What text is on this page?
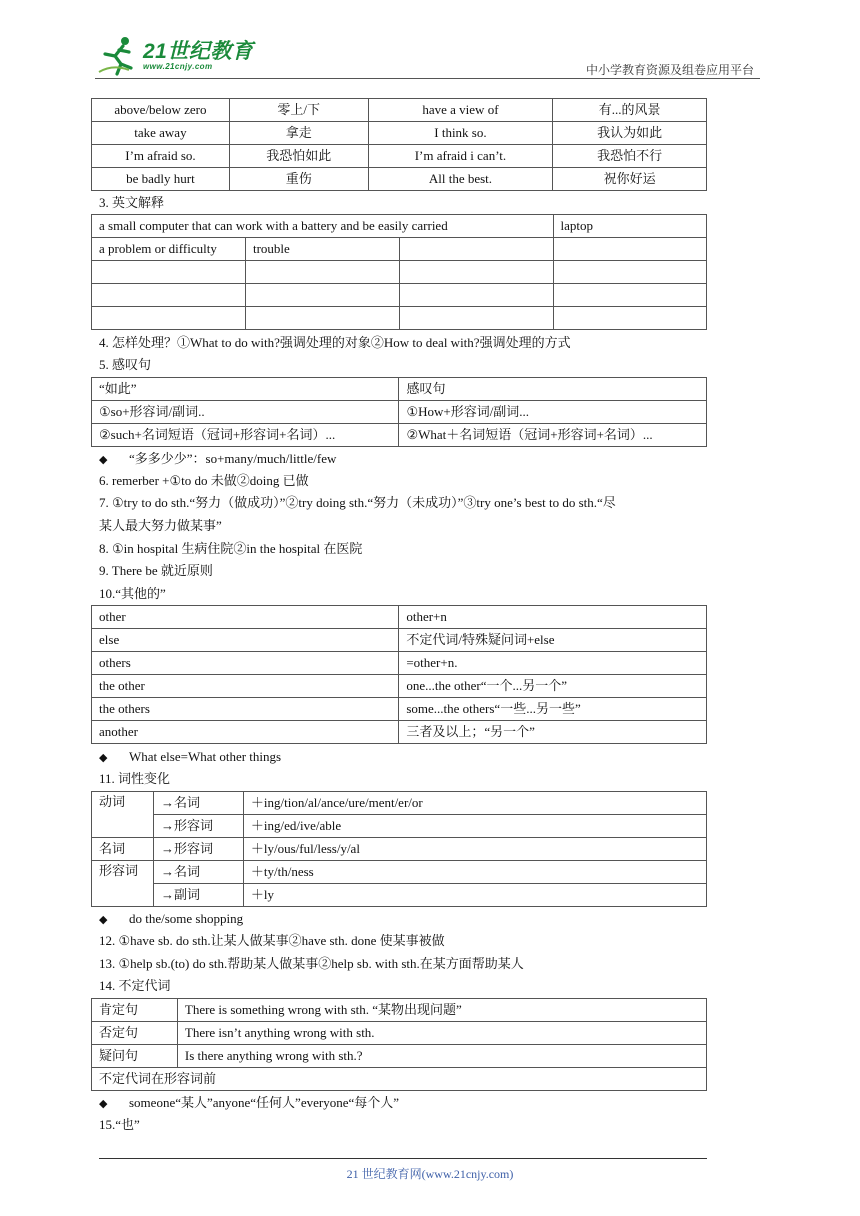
21世纪教育
www.21cnjy.com	中小学教育资源及组卷应用平台
above/below zero	零上/下	have a view of	有...的风景
take away	拿走	I think so.	我认为如此
I’m afraid so.	我恐怕如此	I’m afraid i can’t.	我恐怕不行
be badly hurt	重伤	All the best.	祝你好运
3. 英文解释
a small computer that can work with a battery and be easily carried			laptop
a problem or difficulty	trouble		

4. 怎样处理？①What to do with?强调处理的对象②How to deal with?强调处理的方式
5. 感叹句
“如此”	感叹句
①so+形容词/副词..	①How+形容词/副词...
②such+名词短语（冠词+形容词+名词）...	②What＋名词短语（冠词+形容词+名词）...
◆ “多多少少”：so+many/much/little/few
6. remerber +①to do 未做②doing 已做
7. ①try to do sth.“努力（做成功）”②try doing sth.“努力（未成功）”③try one’s best to do sth.“尽
某人最大努力做某事”
8. ①in hospital 生病住院②in the hospital 在医院
9. There be 就近原则
10.“其他的”
other	other+n
else	不定代词/特殊疑问词+else
others	=other+n.
the other	one...the other“一个...另一个”
the others	some...the others“一些...另一些”
another	三者及以上；“另一个”
◆ What else=What other things
11. 词性变化
动词	→名词	＋ing/tion/al/ance/ure/ment/er/or
	→形容词	＋ing/ed/ive/able
名词	→形容词	＋ly/ous/ful/less/y/al
形容词	→名词	＋ty/th/ness
	→副词	＋ly
◆ do the/some shopping
12. ①have sb. do sth.让某人做某事②have sth. done 使某事被做
13. ①help sb.(to) do sth.帮助某人做某事②help sb. with sth.在某方面帮助某人
14. 不定代词
肯定句	There is something wrong with sth. “某物出现问题”
否定句	There isn’t anything wrong with sth.
疑问句	Is there anything wrong with sth.?
不定代词在形容词前	
◆ someone“某人”anyone“任何人”everyone“每个人”
15.“也”
21 世纪教育网(www.21cnjy.com)
